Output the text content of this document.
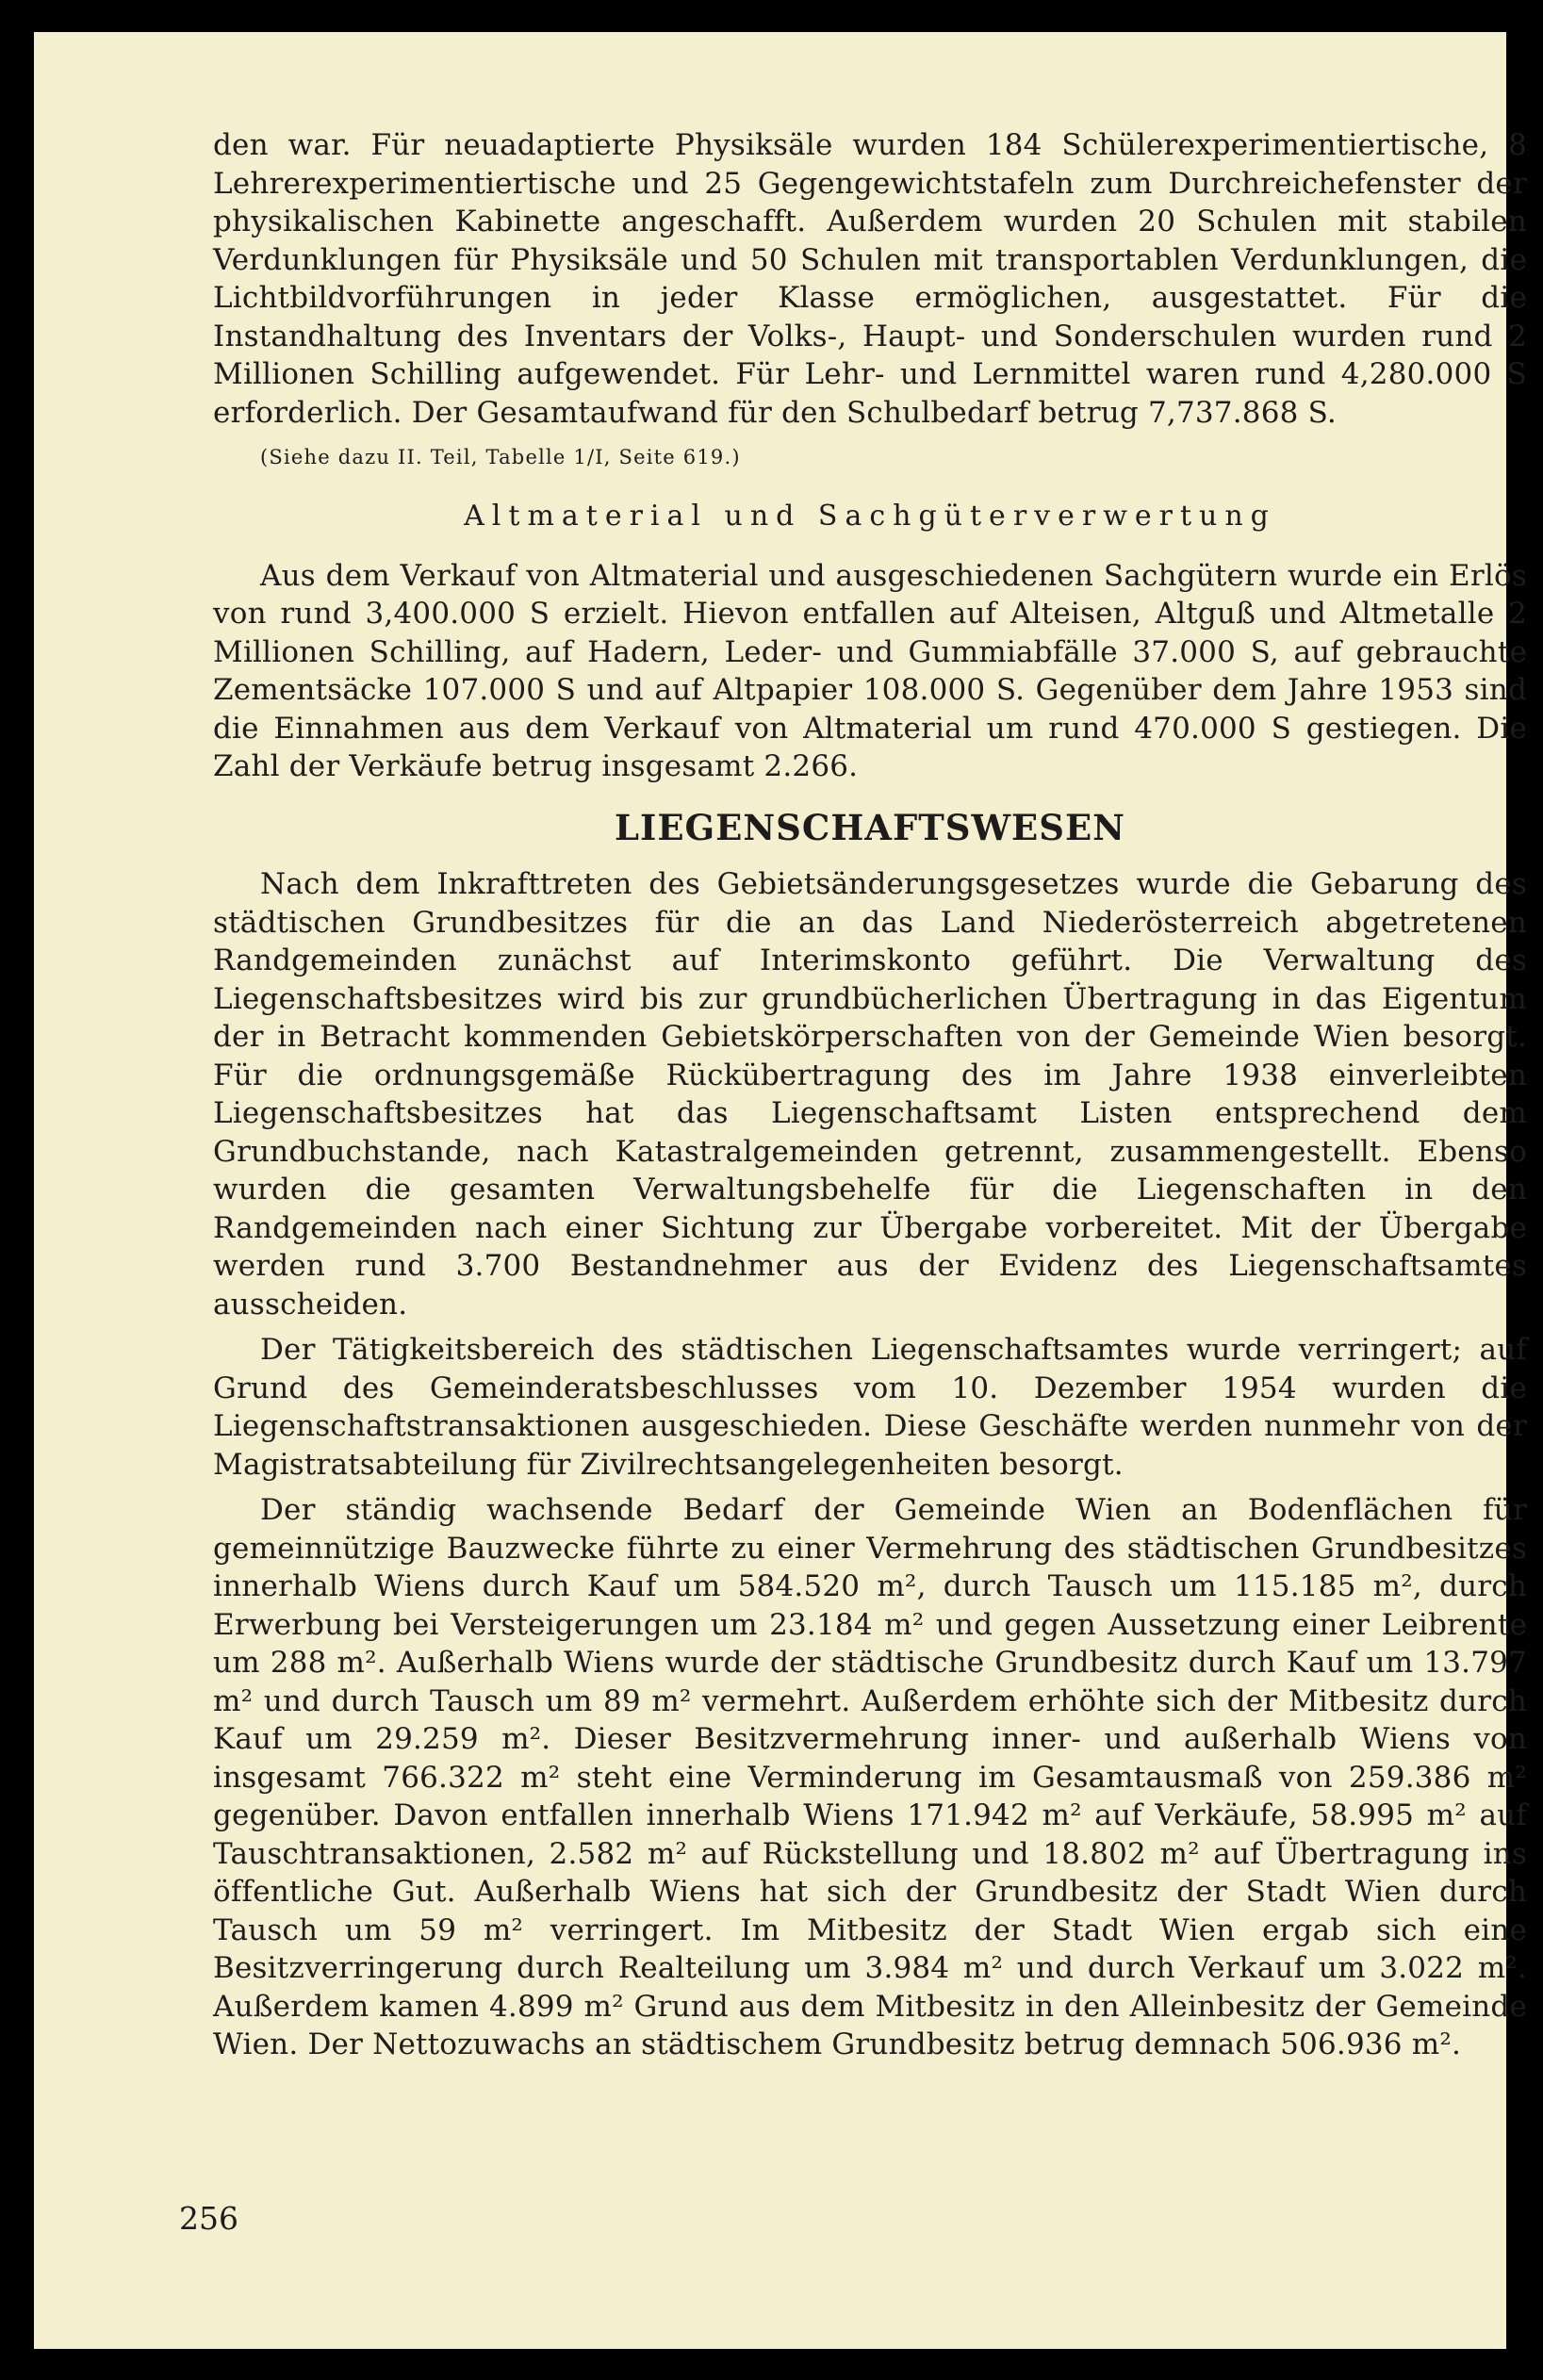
den war. Für neuadaptierte Physiksäle wurden 184 Schülerexperimentiertische, 8 Lehrerexperimentiertische und 25 Gegengewichtstafeln zum Durchreichefenster der physikalischen Kabinette angeschafft. Außerdem wurden 20 Schulen mit stabilen Verdunklungen für Physiksäle und 50 Schulen mit transportablen Verdunklungen, die Lichtbildvorführungen in jeder Klasse ermöglichen, ausgestattet. Für die Instandhaltung des Inventars der Volks-, Haupt- und Sonderschulen wurden rund 2 Millionen Schilling aufgewendet. Für Lehr- und Lernmittel waren rund 4,280.000 S erforderlich. Der Gesamtaufwand für den Schulbedarf betrug 7,737.868 S.

(Siehe dazu II. Teil, Tabelle 1/I, Seite 619.)

Altmaterial und Sachgüterverwertung

Aus dem Verkauf von Altmaterial und ausgeschiedenen Sachgütern wurde ein Erlös von rund 3,400.000 S erzielt. Hievon entfallen auf Alteisen, Altguß und Altmetalle 2 Millionen Schilling, auf Hadern, Leder- und Gummiabfälle 37.000 S, auf gebrauchte Zementsäcke 107.000 S und auf Altpapier 108.000 S. Gegenüber dem Jahre 1953 sind die Einnahmen aus dem Verkauf von Altmaterial um rund 470.000 S gestiegen. Die Zahl der Verkäufe betrug insgesamt 2.266.

LIEGENSCHAFTSWESEN

Nach dem Inkrafttreten des Gebietsänderungsgesetzes wurde die Gebarung des städtischen Grundbesitzes für die an das Land Niederösterreich abgetretenen Randgemeinden zunächst auf Interimskonto geführt. Die Verwaltung des Liegenschaftsbesitzes wird bis zur grundbücherlichen Übertragung in das Eigentum der in Betracht kommenden Gebietskörperschaften von der Gemeinde Wien besorgt. Für die ordnungsgemäße Rückübertragung des im Jahre 1938 einverleibten Liegenschaftsbesitzes hat das Liegenschaftsamt Listen entsprechend dem Grundbuchstande, nach Katastralgemeinden getrennt, zusammengestellt. Ebenso wurden die gesamten Verwaltungsbehelfe für die Liegenschaften in den Randgemeinden nach einer Sichtung zur Übergabe vorbereitet. Mit der Übergabe werden rund 3.700 Bestandnehmer aus der Evidenz des Liegenschaftsamtes ausscheiden.

Der Tätigkeitsbereich des städtischen Liegenschaftsamtes wurde verringert; auf Grund des Gemeinderatsbeschlusses vom 10. Dezember 1954 wurden die Liegenschaftstransaktionen ausgeschieden. Diese Geschäfte werden nunmehr von der Magistratsabteilung für Zivilrechtsangelegenheiten besorgt.

Der ständig wachsende Bedarf der Gemeinde Wien an Bodenflächen für gemeinnützige Bauzwecke führte zu einer Vermehrung des städtischen Grundbesitzes innerhalb Wiens durch Kauf um 584.520 m², durch Tausch um 115.185 m², durch Erwerbung bei Versteigerungen um 23.184 m² und gegen Aussetzung einer Leibrente um 288 m². Außerhalb Wiens wurde der städtische Grundbesitz durch Kauf um 13.797 m² und durch Tausch um 89 m² vermehrt. Außerdem erhöhte sich der Mitbesitz durch Kauf um 29.259 m². Dieser Besitzvermehrung inner- und außerhalb Wiens von insgesamt 766.322 m² steht eine Verminderung im Gesamtausmaß von 259.386 m² gegenüber. Davon entfallen innerhalb Wiens 171.942 m² auf Verkäufe, 58.995 m² auf Tauschtransaktionen, 2.582 m² auf Rückstellung und 18.802 m² auf Übertragung ins öffentliche Gut. Außerhalb Wiens hat sich der Grundbesitz der Stadt Wien durch Tausch um 59 m² verringert. Im Mitbesitz der Stadt Wien ergab sich eine Besitzverringerung durch Realteilung um 3.984 m² und durch Verkauf um 3.022 m². Außerdem kamen 4.899 m² Grund aus dem Mitbesitz in den Alleinbesitz der Gemeinde Wien. Der Nettozuwachs an städtischem Grundbesitz betrug demnach 506.936 m².

256
